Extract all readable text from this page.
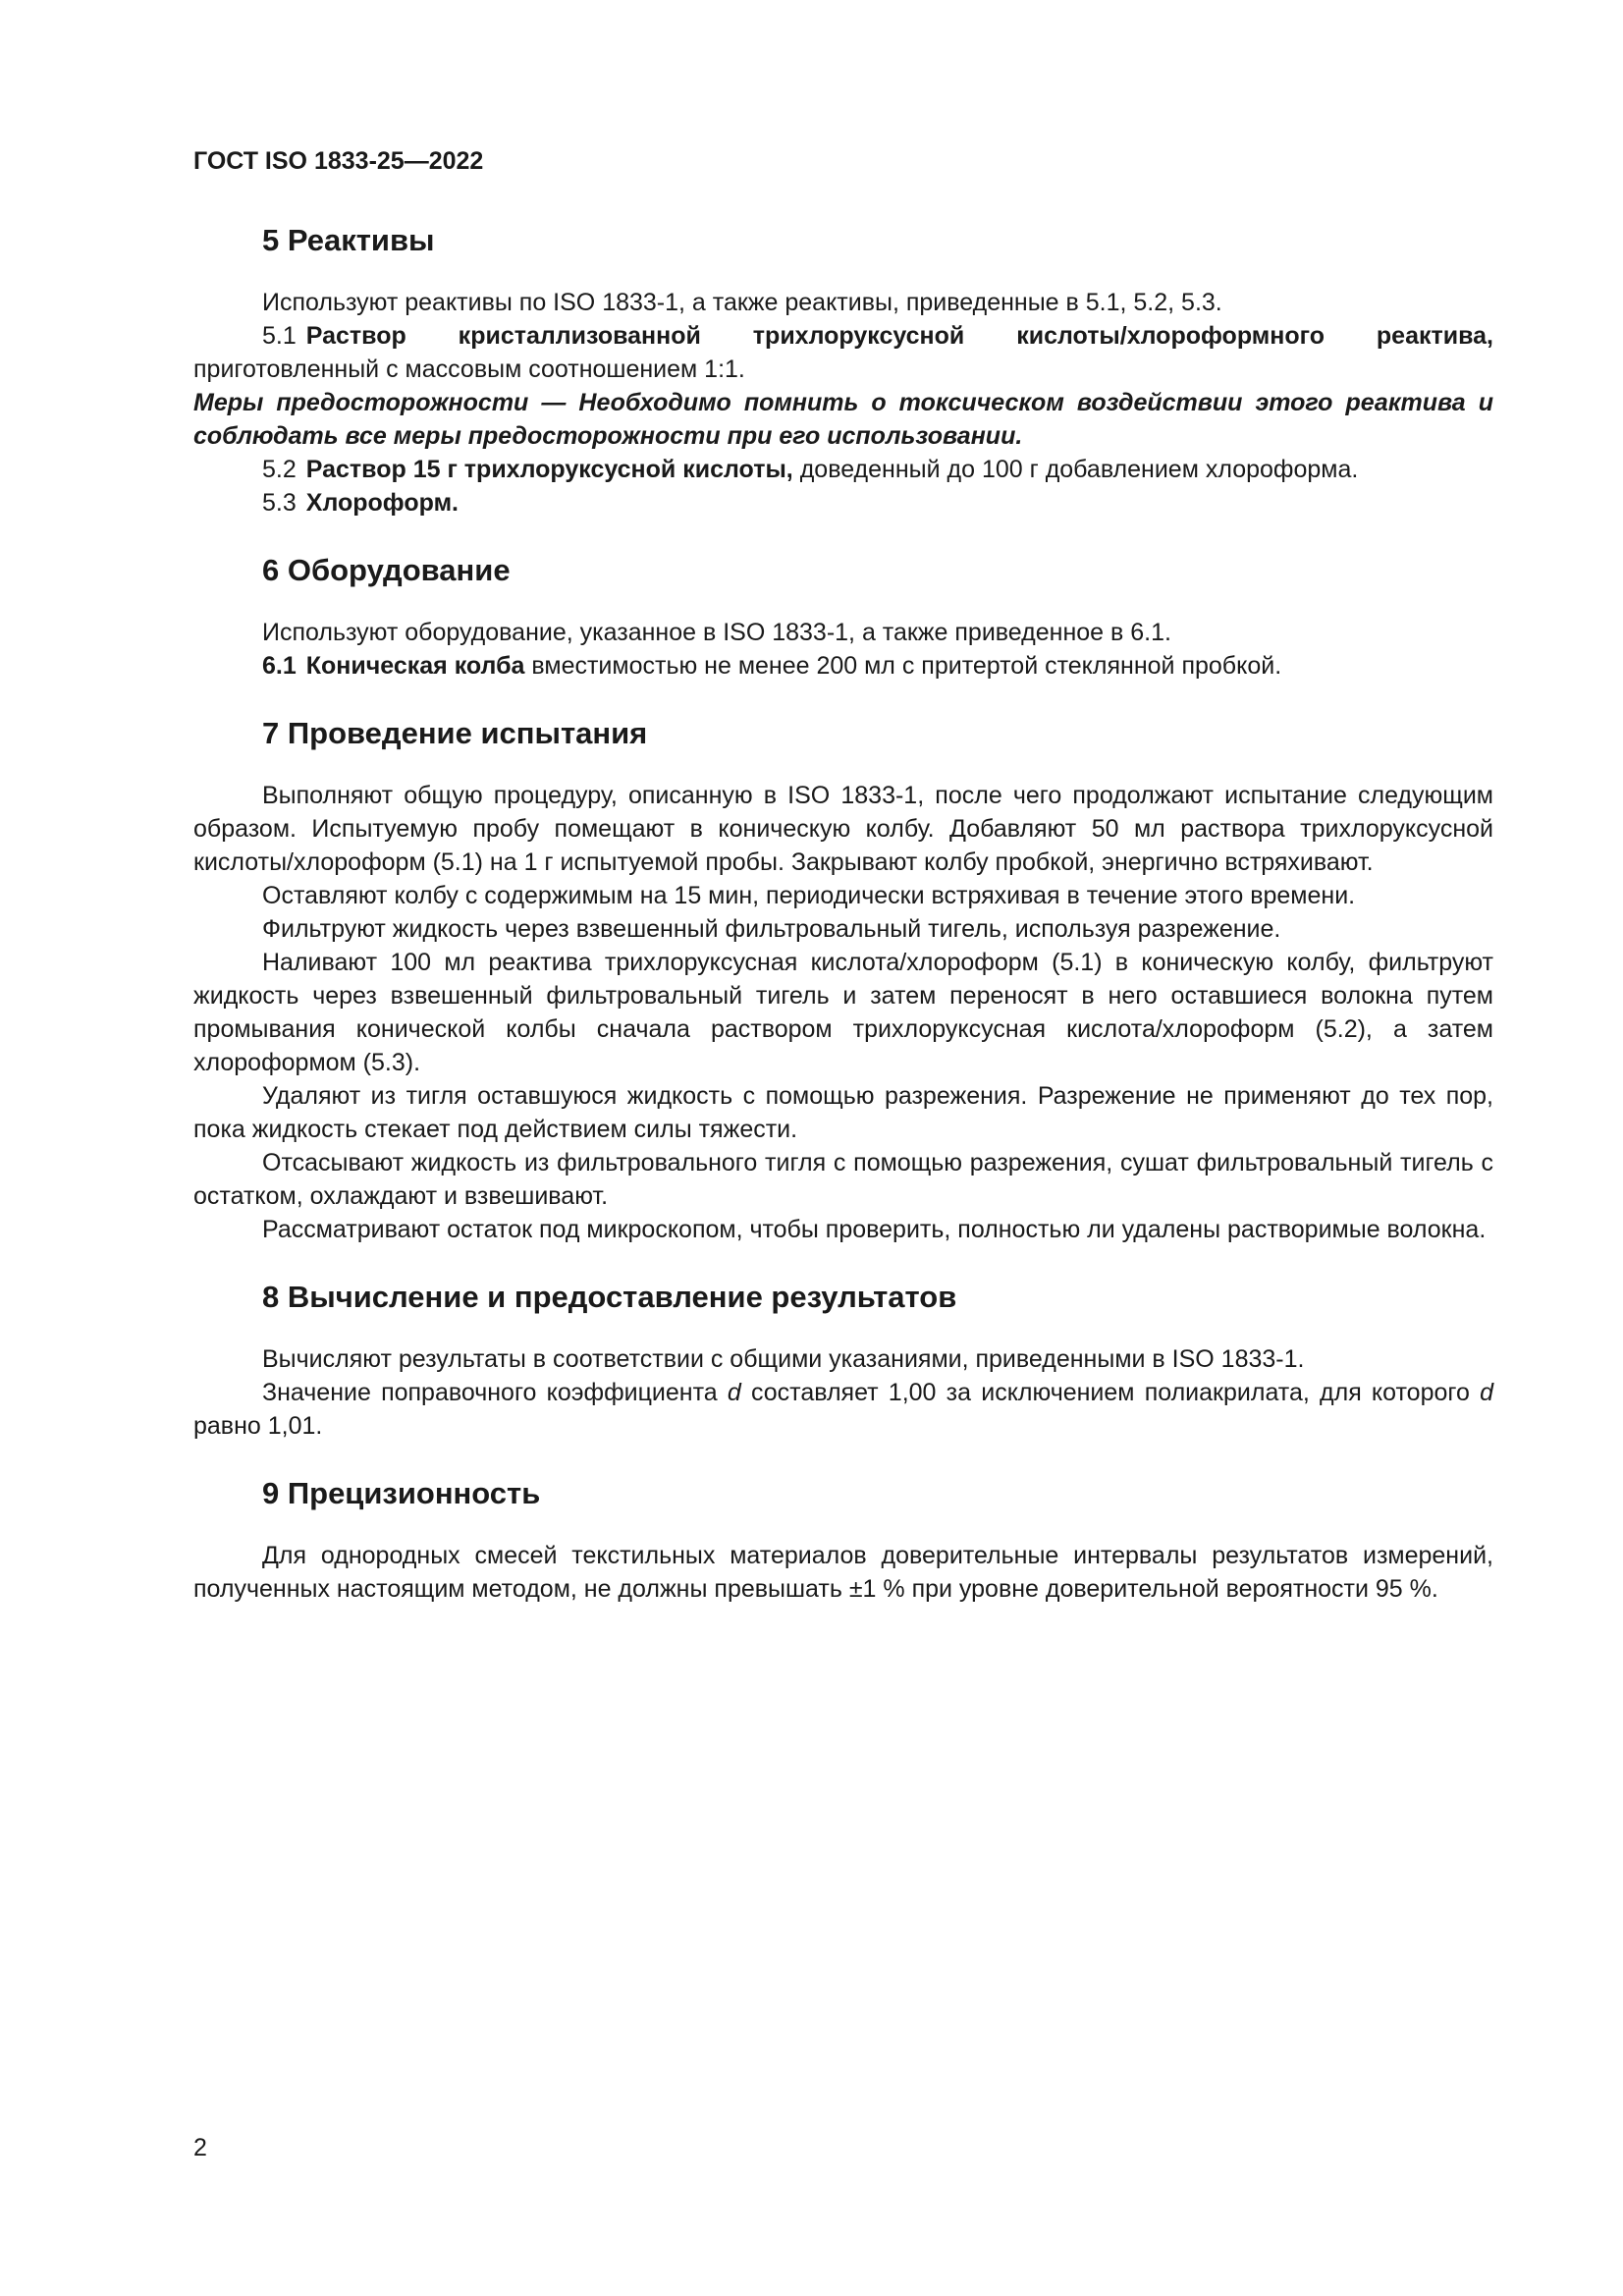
ГОСТ ISO 1833-25—2022
5 Реактивы

Используют реактивы по ISO 1833-1, а также реактивы, приведенные в 5.1, 5.2, 5.3.

5.1 Раствор кристаллизованной трихлоруксусной кислоты/хлороформного реактива, приготовленный с массовым соотношением 1:1.

Меры предосторожности — Необходимо помнить о токсическом воздействии этого реактива и соблюдать все меры предосторожности при его использовании.

5.2 Раствор 15 г трихлоруксусной кислоты, доведенный до 100 г добавлением хлороформа.

5.3 Хлороформ.

6 Оборудование

Используют оборудование, указанное в ISO 1833-1, а также приведенное в 6.1.

6.1 Коническая колба вместимостью не менее 200 мл с притертой стеклянной пробкой.

7 Проведение испытания

Выполняют общую процедуру, описанную в ISO 1833-1, после чего продолжают испытание следующим образом. Испытуемую пробу помещают в коническую колбу. Добавляют 50 мл раствора трихлоруксусной кислоты/хлороформ (5.1) на 1 г испытуемой пробы. Закрывают колбу пробкой, энергично встряхивают.

Оставляют колбу с содержимым на 15 мин, периодически встряхивая в течение этого времени.

Фильтруют жидкость через взвешенный фильтровальный тигель, используя разрежение.

Наливают 100 мл реактива трихлоруксусная кислота/хлороформ (5.1) в коническую колбу, фильтруют жидкость через взвешенный фильтровальный тигель и затем переносят в него оставшиеся волокна путем промывания конической колбы сначала раствором трихлоруксусная кислота/хлороформ (5.2), а затем хлороформом (5.3).

Удаляют из тигля оставшуюся жидкость с помощью разрежения. Разрежение не применяют до тех пор, пока жидкость стекает под действием силы тяжести.

Отсасывают жидкость из фильтровального тигля с помощью разрежения, сушат фильтровальный тигель с остатком, охлаждают и взвешивают.

Рассматривают остаток под микроскопом, чтобы проверить, полностью ли удалены растворимые волокна.

8 Вычисление и предоставление результатов

Вычисляют результаты в соответствии с общими указаниями, приведенными в ISO 1833-1.

Значение поправочного коэффициента d составляет 1,00 за исключением полиакрилата, для которого d равно 1,01.

9 Прецизионность

Для однородных смесей текстильных материалов доверительные интервалы результатов измерений, полученных настоящим методом, не должны превышать ±1 % при уровне доверительной вероятности 95 %.

2
